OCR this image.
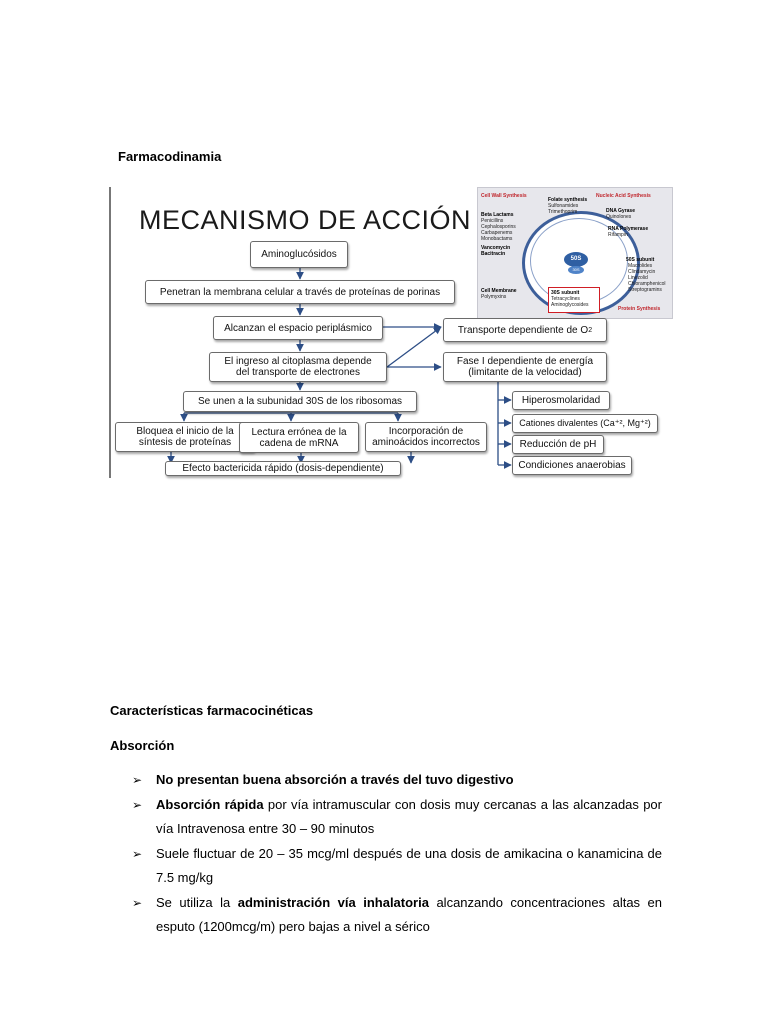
Farmacodinamia
MECANISMO DE ACCIÓN
Cell Wall Synthesis	Nucleic Acid Synthesis
Folate synthesis
Sulfonamides
Trimethoprim
Beta Lactams
Penicillins
Cephalosporins
Carbapenems
Monobactams
Vancomycin
Bacitracin
Cell Membrane
Polymyxins
DNA Gyrase
Quinolones
RNA Polymerase
Rifampin
50S
30S
50S subunit
Macrolides
Clindamycin
Linezolid
Chloramphenicol
Streptogramins
30S subunit
Tetracyclines
Aminoglycosides
Protein Synthesis
Aminoglucósidos
Penetran la membrana celular a través de proteínas de porinas
Alcanzan el espacio periplásmico
El ingreso al citoplasma depende
del transporte de electrones
Se unen a la subunidad 30S de los ribosomas
Bloquea el inicio de la
síntesis de proteínas
Lectura errónea de la
cadena de mRNA
Incorporación de
aminoácidos incorrectos
Efecto bactericida rápido (dosis-dependiente)
Transporte dependiente de O 2
Fase I dependiente de energía
(limitante de la velocidad)
Hiperosmolaridad
Cationes divalentes (Ca⁺², Mg⁺²)
Reducción de pH
Condiciones anaerobias
Características farmacocinéticas
Absorción
➢ No presentan buena absorción a través del tuvo digestivo
➢ Absorción rápida por vía intramuscular con dosis muy cercanas a las alcanzadas por vía Intravenosa entre 30 – 90 minutos
➢ Suele fluctuar de 20 – 35 mcg/ml después de una dosis de amikacina o kanamicina de 7.5 mg/kg
➢ Se utiliza la administración vía inhalatoria alcanzando concentraciones altas en esputo (1200mcg/m) pero bajas a nivel a sérico
